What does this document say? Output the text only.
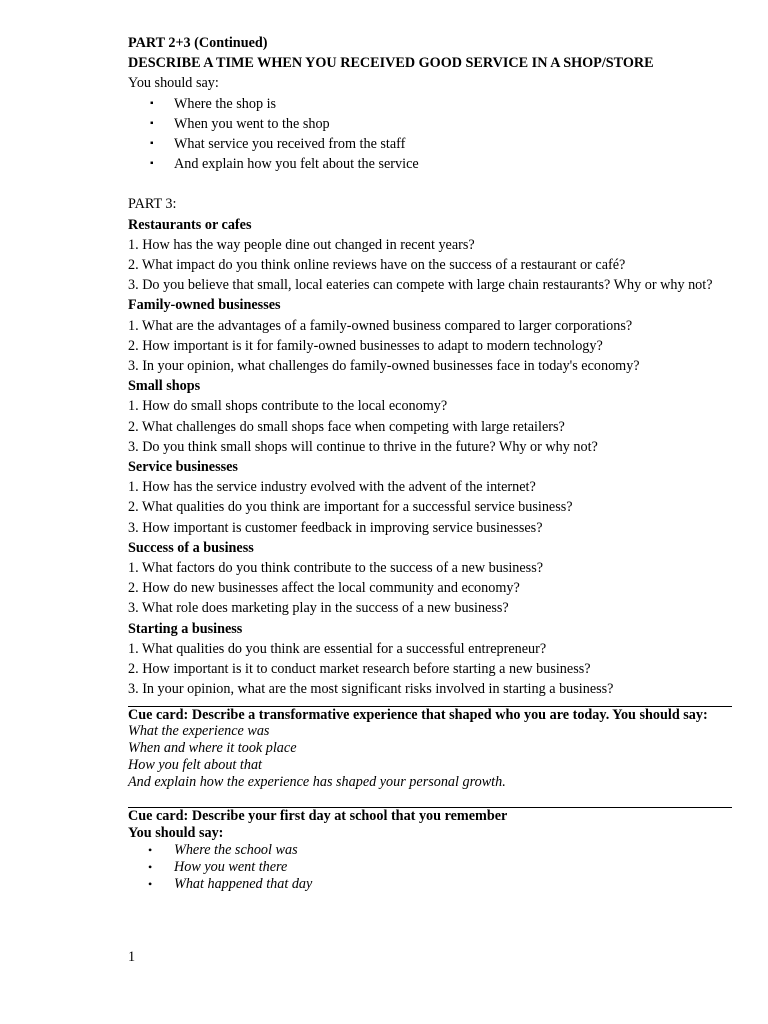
PART 2+3 (Continued)
DESCRIBE A TIME WHEN YOU RECEIVED GOOD SERVICE IN A SHOP/STORE
You should say:
▪ Where the shop is
▪ When you went to the shop
▪ What service you received from the staff
▪ And explain how you felt about the service
PART 3:
Restaurants or cafes
1. How has the way people dine out changed in recent years?
2. What impact do you think online reviews have on the success of a restaurant or café?
3. Do you believe that small, local eateries can compete with large chain restaurants? Why or why not?
Family-owned businesses
1. What are the advantages of a family-owned business compared to larger corporations?
2. How important is it for family-owned businesses to adapt to modern technology?
3. In your opinion, what challenges do family-owned businesses face in today's economy?
Small shops
1. How do small shops contribute to the local economy?
2. What challenges do small shops face when competing with large retailers?
3. Do you think small shops will continue to thrive in the future? Why or why not?
Service businesses
1. How has the service industry evolved with the advent of the internet?
2. What qualities do you think are important for a successful service business?
3. How important is customer feedback in improving service businesses?
Success of a business
1. What factors do you think contribute to the success of a new business?
2. How do new businesses affect the local community and economy?
3. What role does marketing play in the success of a new business?
Starting a business
1. What qualities do you think are essential for a successful entrepreneur?
2. How important is it to conduct market research before starting a new business?
3. In your opinion, what are the most significant risks involved in starting a business?
Cue card: Describe a transformative experience that shaped who you are today. You should say:
What the experience was
When and where it took place
How you felt about that
And explain how the experience has shaped your personal growth.
Cue card: Describe your first day at school that you remember
You should say:
• Where the school was
• How you went there
• What happened that day
1
